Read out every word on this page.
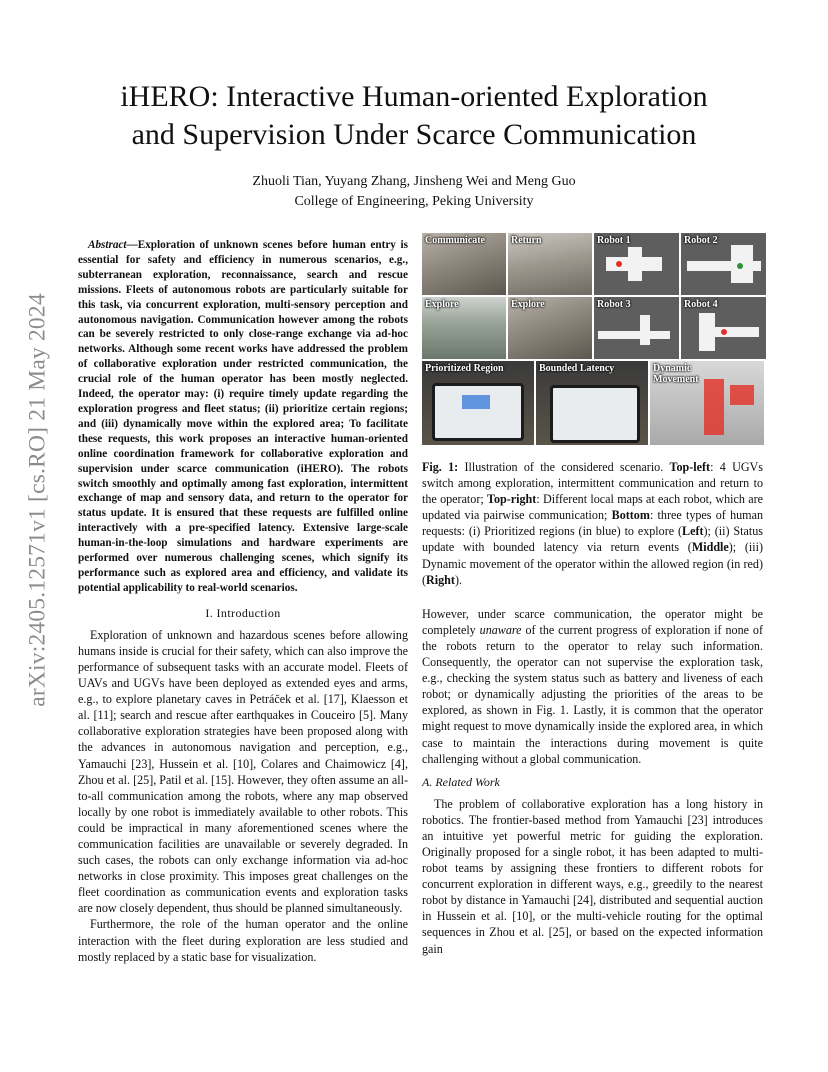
arXiv:2405.12571v1 [cs.RO] 21 May 2024
iHERO: Interactive Human-oriented Exploration
and Supervision Under Scarce Communication
Zhuoli Tian, Yuyang Zhang, Jinsheng Wei and Meng Guo
College of Engineering, Peking University

Abstract—Exploration of unknown scenes before human entry is essential for safety and efficiency in numerous scenarios, e.g., subterranean exploration, reconnaissance, search and rescue missions. Fleets of autonomous robots are particularly suitable for this task, via concurrent exploration, multi-sensory perception and autonomous navigation. Communication however among the robots can be severely restricted to only close-range exchange via ad-hoc networks. Although some recent works have addressed the problem of collaborative exploration under restricted communication, the crucial role of the human operator has been mostly neglected. Indeed, the operator may: (i) require timely update regarding the exploration progress and fleet status; (ii) prioritize certain regions; and (iii) dynamically move within the explored area; To facilitate these requests, this work proposes an interactive human-oriented online coordination framework for collaborative exploration and supervision under scarce communication (iHERO). The robots switch smoothly and optimally among fast exploration, intermittent exchange of map and sensory data, and return to the operator for status update. It is ensured that these requests are fulfilled online interactively with a pre-specified latency. Extensive large-scale human-in-the-loop simulations and hardware experiments are performed over numerous challenging scenes, which signify its performance such as explored area and efficiency, and validate its potential applicability to real-world scenarios.

I. Introduction

Exploration of unknown and hazardous scenes before allowing humans inside is crucial for their safety, which can also improve the performance of subsequent tasks with an accurate model. Fleets of UAVs and UGVs have been deployed as extended eyes and arms, e.g., to explore planetary caves in Petráček et al. [17], Klaesson et al. [11]; search and rescue after earthquakes in Couceiro [5]. Many collaborative exploration strategies have been proposed along with the advances in autonomous navigation and perception, e.g., Yamauchi [23], Hussein et al. [10], Colares and Chaimowicz [4], Zhou et al. [25], Patil et al. [15]. However, they often assume an all-to-all communication among the robots, where any map observed locally by one robot is immediately available to other robots. This could be impractical in many aforementioned scenes where the communication facilities are unavailable or severely degraded. In such cases, the robots can only exchange information via ad-hoc networks in close proximity. This imposes great challenges on the fleet coordination as communication events and exploration tasks are now closely dependent, thus should be planned simultaneously.

Furthermore, the role of the human operator and the online interaction with the fleet during exploration are less studied and mostly replaced by a static base for visualization.

Communicate	Return	Robot 1	Robot 2
Explore	Explore	Robot 3	Robot 4
Prioritized Region	Bounded Latency	Dynamic
Movement

Fig. 1: Illustration of the considered scenario. Top-left: 4 UGVs switch among exploration, intermittent communication and return to the operator; Top-right: Different local maps at each robot, which are updated via pairwise communication; Bottom: three types of human requests: (i) Prioritized regions (in blue) to explore (Left); (ii) Status update with bounded latency via return events (Middle); (iii) Dynamic movement of the operator within the allowed region (in red) (Right).

However, under scarce communication, the operator might be completely unaware of the current progress of exploration if none of the robots return to the operator to relay such information. Consequently, the operator can not supervise the exploration task, e.g., checking the system status such as battery and liveness of each robot; or dynamically adjusting the priorities of the areas to be explored, as shown in Fig. 1. Lastly, it is common that the operator might request to move dynamically inside the explored area, in which case to maintain the interactions during movement is quite challenging without a global communication.

A. Related Work

The problem of collaborative exploration has a long history in robotics. The frontier-based method from Yamauchi [23] introduces an intuitive yet powerful metric for guiding the exploration. Originally proposed for a single robot, it has been adapted to multi-robot teams by assigning these frontiers to different robots for concurrent exploration in different ways, e.g., greedily to the nearest robot by distance in Yamauchi [24], distributed and sequential auction in Hussein et al. [10], or the multi-vehicle routing for the optimal sequences in Zhou et al. [25], or based on the expected information gain
